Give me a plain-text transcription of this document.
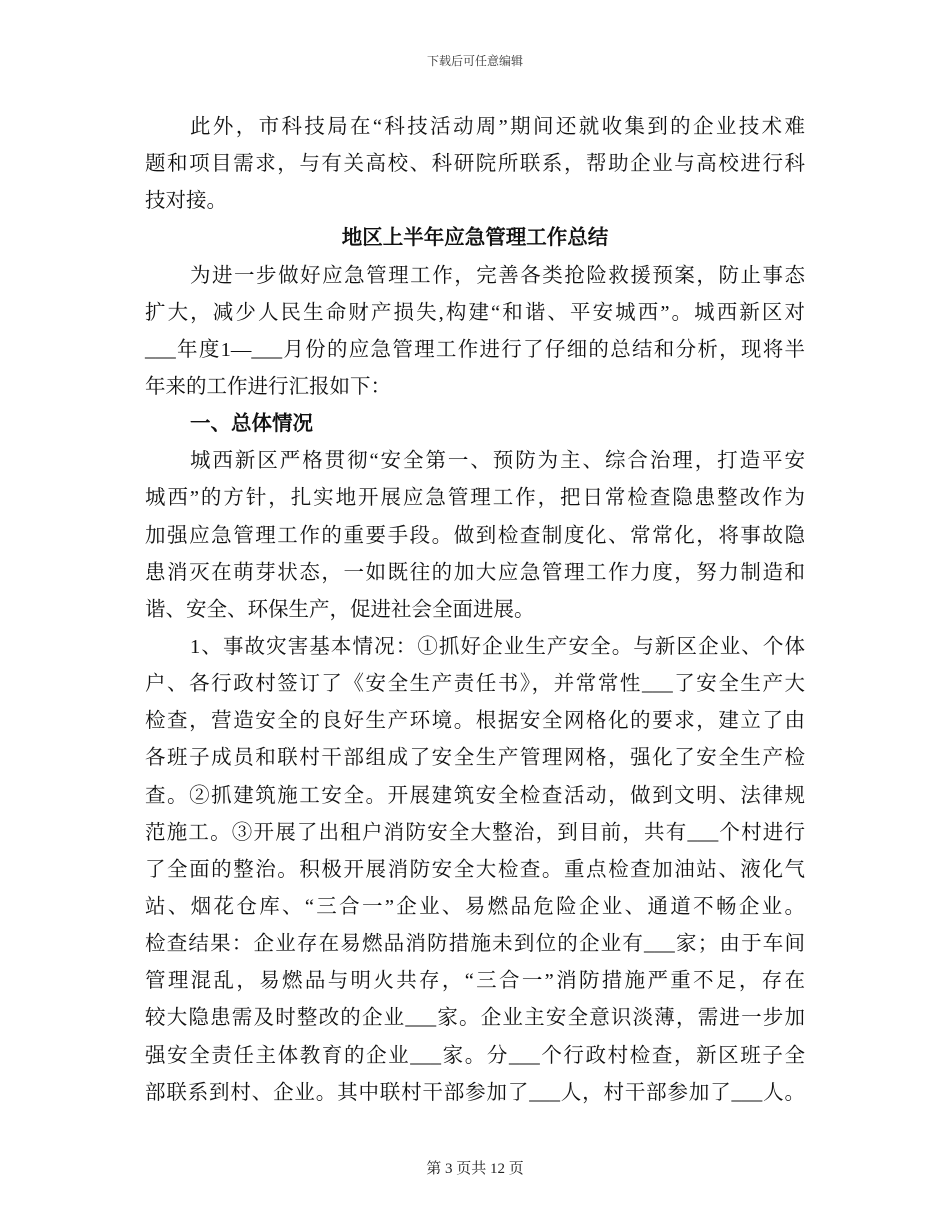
下载后可任意编辑
此外，市科技局在“科技活动周”期间还就收集到的企业技术难
题和项目需求，与有关高校、科研院所联系，帮助企业与高校进行科
技对接。
地区上半年应急管理工作总结
为进一步做好应急管理工作，完善各类抢险救援预案，防止事态
扩大，减少人民生命财产损失,构建“和谐、平安城西”。城西新区对
___年度1—___月份的应急管理工作进行了仔细的总结和分析，现将半
年来的工作进行汇报如下：
一、总体情况
城西新区严格贯彻“安全第一、预防为主、综合治理，打造平安
城西”的方针，扎实地开展应急管理工作，把日常检查隐患整改作为
加强应急管理工作的重要手段。做到检查制度化、常常化，将事故隐
患消灭在萌芽状态，一如既往的加大应急管理工作力度，努力制造和
谐、安全、环保生产，促进社会全面进展。
1、事故灾害基本情况：①抓好企业生产安全。与新区企业、个体
户、各行政村签订了《安全生产责任书》，并常常性___了安全生产大
检查，营造安全的良好生产环境。根据安全网格化的要求，建立了由
各班子成员和联村干部组成了安全生产管理网格，强化了安全生产检
查。②抓建筑施工安全。开展建筑安全检查活动，做到文明、法律规
范施工。③开展了出租户消防安全大整治，到目前，共有___个村进行
了全面的整治。积极开展消防安全大检查。重点检查加油站、液化气
站、烟花仓库、“三合一”企业、易燃品危险企业、通道不畅企业。
检查结果：企业存在易燃品消防措施未到位的企业有___家；由于车间
管理混乱，易燃品与明火共存，“三合一”消防措施严重不足，存在
较大隐患需及时整改的企业___家。企业主安全意识淡薄，需进一步加
强安全责任主体教育的企业___家。分___个行政村检查，新区班子全
部联系到村、企业。其中联村干部参加了___人，村干部参加了___人。
第 3 页共 12 页
